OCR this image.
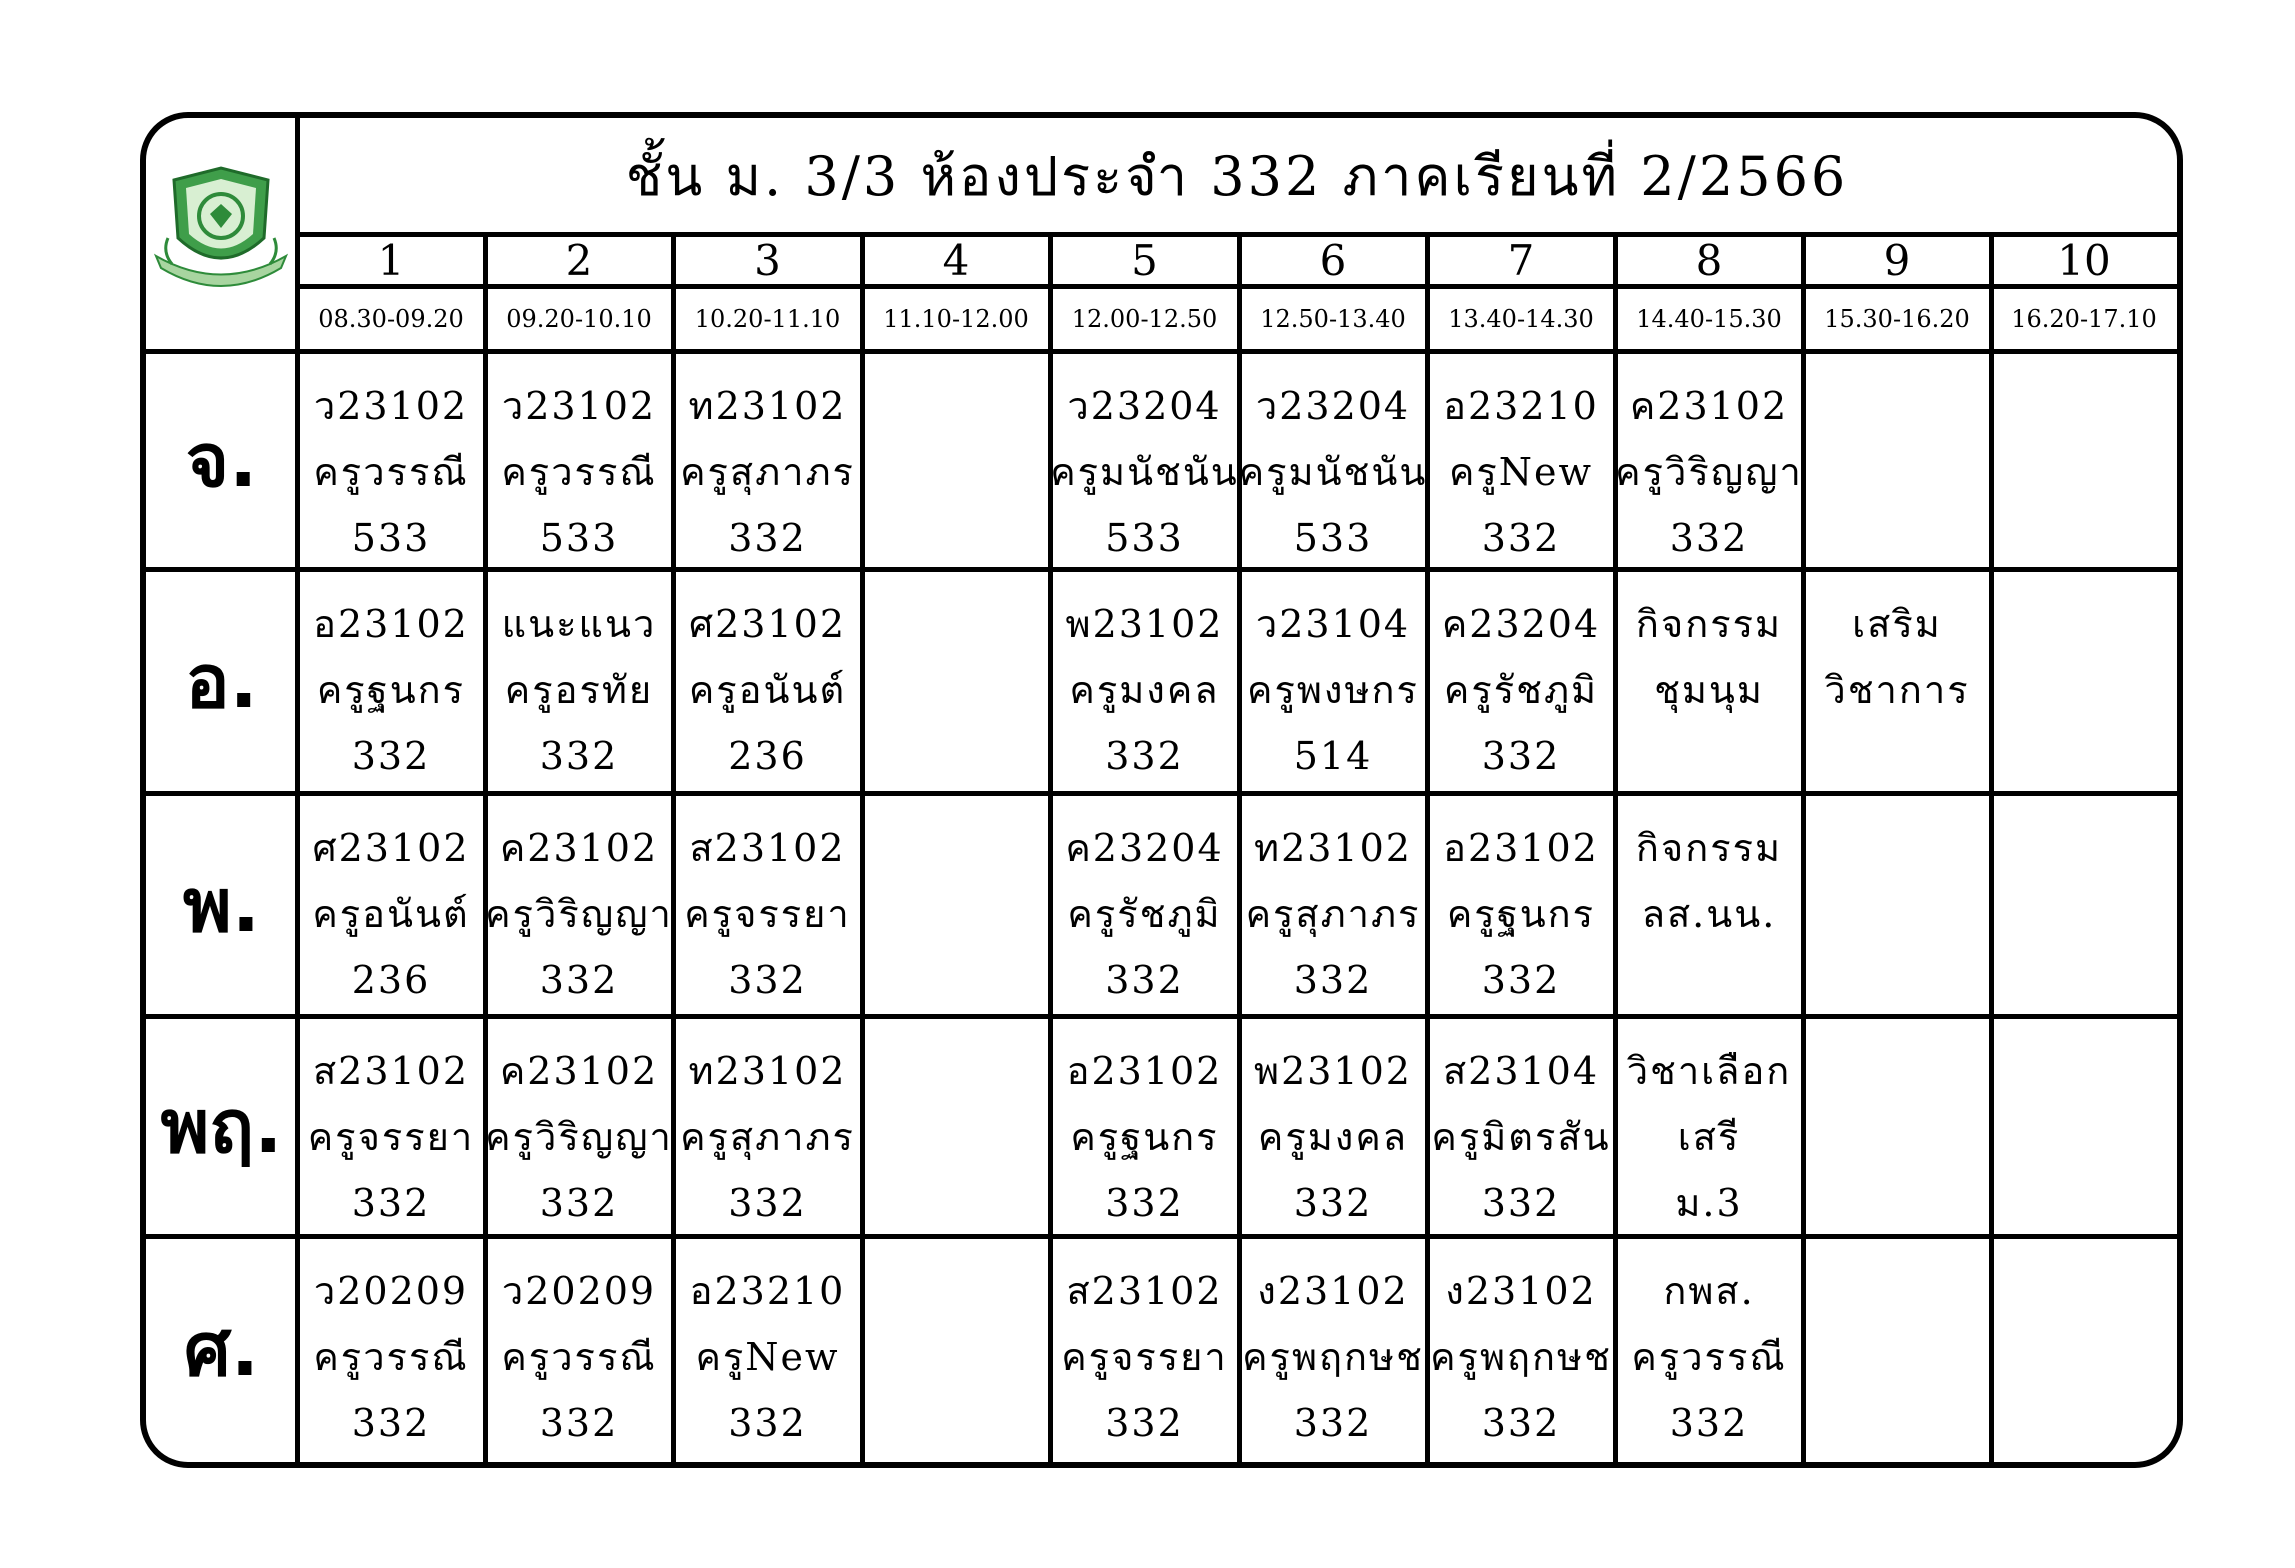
ชั้น ม. 3/3 ห้องประจำ 332 ภาคเรียนที่ 2/2566
1
08.30-09.20
2
09.20-10.10
3
10.20-11.10
4
11.10-12.00
5
12.00-12.50
6
12.50-13.40
7
13.40-14.30
8
14.40-15.30
9
15.30-16.20
10
16.20-17.10
จ.
ว23102
ครูวรรณี
533
ว23102
ครูวรรณี
533
ท23102
ครูสุภาภร
332
ว23204
ครูมนัชนัน
533
ว23204
ครูมนัชนัน
533
อ23210
ครูNew
332
ค23102
ครูวิริญญา
332
อ.
อ23102
ครูฐนกร
332
แนะแนว
ครูอรทัย
332
ศ23102
ครูอนันต์
236
พ23102
ครูมงคล
332
ว23104
ครูพงษกร
514
ค23204
ครูรัชภูมิ
332
กิจกรรม
ชุมนุม
เสริม
วิชาการ
พ.
ศ23102
ครูอนันต์
236
ค23102
ครูวิริญญา
332
ส23102
ครูจรรยา
332
ค23204
ครูรัชภูมิ
332
ท23102
ครูสุภาภร
332
อ23102
ครูฐนกร
332
กิจกรรม
ลส.นน.
พฤ.
ส23102
ครูจรรยา
332
ค23102
ครูวิริญญา
332
ท23102
ครูสุภาภร
332
อ23102
ครูฐนกร
332
พ23102
ครูมงคล
332
ส23104
ครูมิตรสัน
332
วิชาเลือก
เสรี
ม.3
ศ.
ว20209
ครูวรรณี
332
ว20209
ครูวรรณี
332
อ23210
ครูNew
332
ส23102
ครูจรรยา
332
ง23102
ครูพฤกษช
332
ง23102
ครูพฤกษช
332
กพส.
ครูวรรณี
332
